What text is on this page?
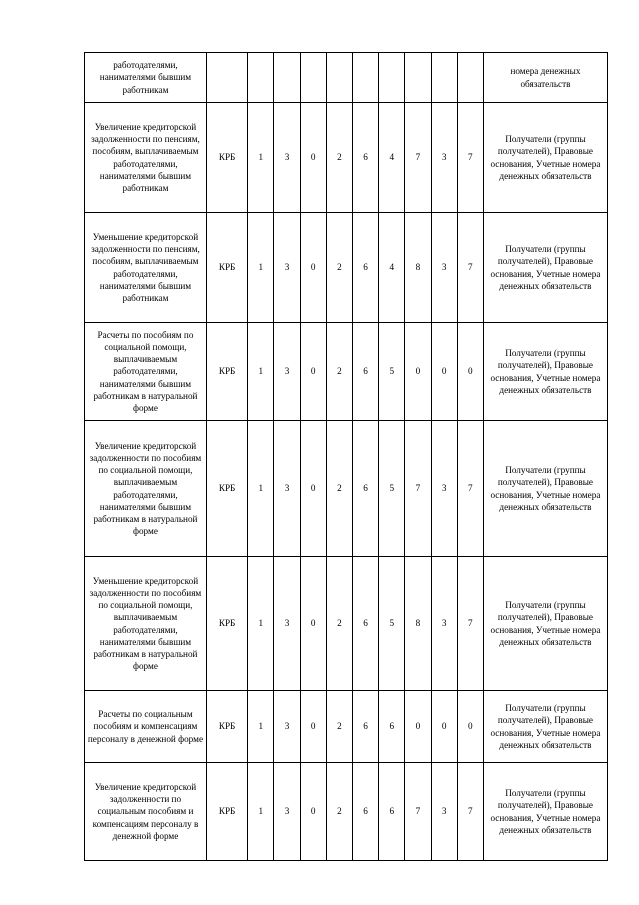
работодателями, нанимателями бывшим работникам											номера денежных обязательств
Увеличение кредиторской задолженности по пенсиям, пособиям, выплачиваемым работодателями, нанимателями бывшим работникам	КРБ	1	3	0	2	6	4	7	3	7	Получатели (группы получателей), Правовые основания, Учетные номера денежных обязательств
Уменьшение кредиторской задолженности по пенсиям, пособиям, выплачиваемым работодателями, нанимателями бывшим работникам	КРБ	1	3	0	2	6	4	8	3	7	Получатели (группы получателей), Правовые основания, Учетные номера денежных обязательств
Расчеты по пособиям по социальной помощи, выплачиваемым работодателями, нанимателями бывшим работникам в натуральной форме	КРБ	1	3	0	2	6	5	0	0	0	Получатели (группы получателей), Правовые основания, Учетные номера денежных обязательств
Увеличение кредиторской задолженности по пособиям по социальной помощи, выплачиваемым работодателями, нанимателями бывшим работникам в натуральной форме	КРБ	1	3	0	2	6	5	7	3	7	Получатели (группы получателей), Правовые основания, Учетные номера денежных обязательств
Уменьшение кредиторской задолженности по пособиям по социальной помощи, выплачиваемым работодателями, нанимателями бывшим работникам в натуральной форме	КРБ	1	3	0	2	6	5	8	3	7	Получатели (группы получателей), Правовые основания, Учетные номера денежных обязательств
Расчеты по социальным пособиям и компенсациям персоналу в денежной форме	КРБ	1	3	0	2	6	6	0	0	0	Получатели (группы получателей), Правовые основания, Учетные номера денежных обязательств
Увеличение кредиторской задолженности по социальным пособиям и компенсациям персоналу в денежной форме	КРБ	1	3	0	2	6	6	7	3	7	Получатели (группы получателей), Правовые основания, Учетные номера денежных обязательств
